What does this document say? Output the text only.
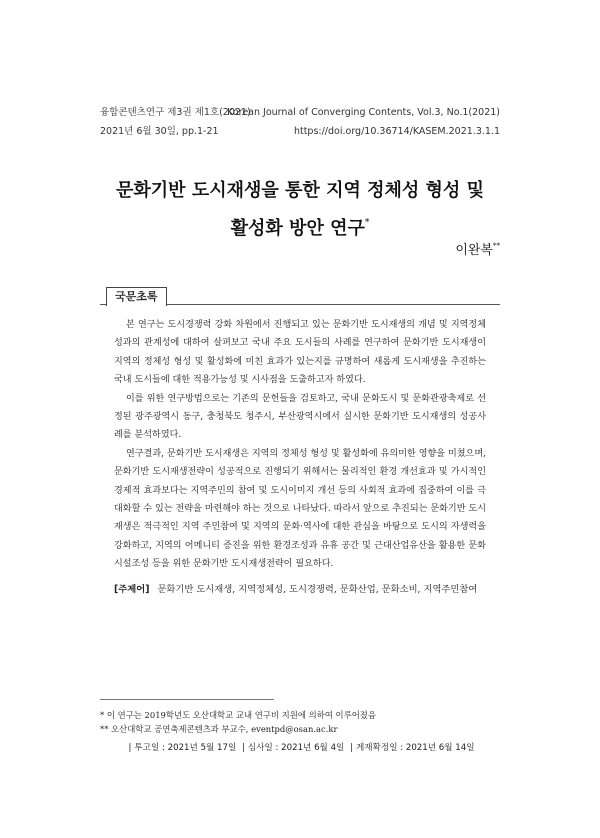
융합콘텐츠연구 제3권 제1호(2021)
2021년 6월 30일, pp.1-21
Korean Journal of Converging Contents, Vol.3, No.1(2021)
https://doi.org/10.36714/KASEM.2021.3.1.1
문화기반 도시재생을 통한 지역 정체성 형성 및
활성화 방안 연구*
이완복**
국문초록

본 연구는 도시경쟁력 강화 차원에서 진행되고 있는 문화기반 도시재생의 개념 및 지역정체성과의 관계성에 대하여 살펴보고 국내 주요 도시들의 사례를 연구하여 문화기반 도시재생이 지역의 정체성 형성 및 활성화에 미친 효과가 있는지를 규명하여 새롭게 도시재생을 추진하는 국내 도시들에 대한 적용가능성 및 시사점을 도출하고자 하였다.

이를 위한 연구방법으로는 기존의 문헌들을 검토하고, 국내 문화도시 및 문화관광축제로 선정된 광주광역시 동구, 충청북도 청주시, 부산광역시에서 실시한 문화기반 도시재생의 성공사례를 분석하였다.

연구결과, 문화기반 도시재생은 지역의 정체성 형성 및 활성화에 유의미한 영향을 미쳤으며, 문화기반 도시재생전략이 성공적으로 진행되기 위해서는 물리적인 환경 개선효과 및 가시적인 경제적 효과보다는 지역주민의 참여 및 도시이미지 개선 등의 사회적 효과에 집중하여 이를 극대화할 수 있는 전략을 마련해야 하는 것으로 나타났다. 따라서 앞으로 추진되는 문화기반 도시재생은 적극적인 지역 주민참여 및 지역의 문화·역사에 대한 관심을 바탕으로 도시의 자생력을 강화하고, 지역의 어메니티 증진을 위한 환경조성과 유휴 공간 및 근대산업유산을 활용한 문화시설조성 등을 위한 문화기반 도시재생전략이 필요하다.

[주제어] 문화기반 도시재생, 지역정체성, 도시경쟁력, 문화산업, 문화소비, 지역주민참여
* 이 연구는 2019학년도 오산대학교 교내 연구비 지원에 의하여 이루어졌음
** 오산대학교 공연축제콘텐츠과 부교수, eventpd@osan.ac.kr
| 투고일 : 2021년 5월 17일 | 심사일 : 2021년 6월 4일 | 게재확정일 : 2021년 6월 14일
